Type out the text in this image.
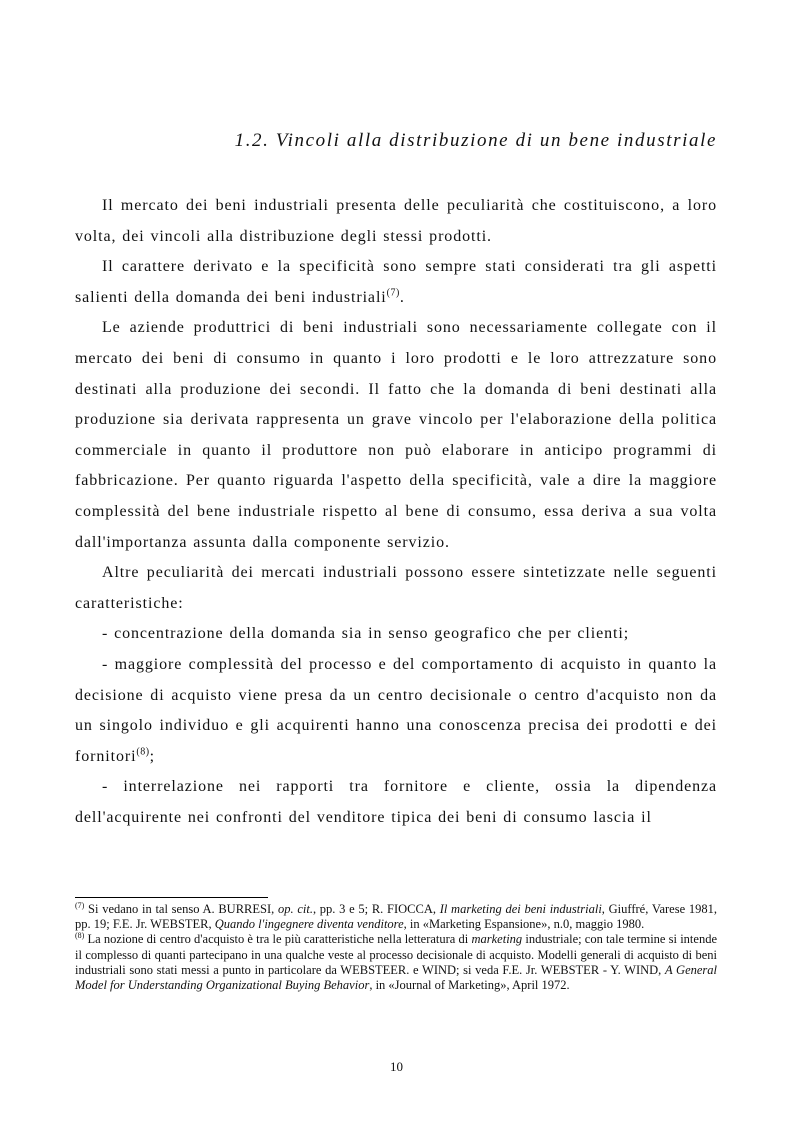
1.2. Vincoli alla distribuzione di un bene industriale

Il mercato dei beni industriali presenta delle peculiarità che costituiscono, a loro volta, dei vincoli alla distribuzione degli stessi prodotti.

Il carattere derivato e la specificità sono sempre stati considerati tra gli aspetti salienti della domanda dei beni industriali$^{(7)}$.

Le aziende produttrici di beni industriali sono necessariamente collegate con il mercato dei beni di consumo in quanto i loro prodotti e le loro attrezzature sono destinati alla produzione dei secondi. Il fatto che la domanda di beni destinati alla produzione sia derivata rappresenta un grave vincolo per l'elaborazione della politica commerciale in quanto il produttore non può elaborare in anticipo programmi di fabbricazione. Per quanto riguarda l'aspetto della specificità, vale a dire la maggiore complessità del bene industriale rispetto al bene di consumo, essa deriva a sua volta dall'importanza assunta dalla componente servizio.

Altre peculiarità dei mercati industriali possono essere sintetizzate nelle seguenti caratteristiche:

- concentrazione della domanda sia in senso geografico che per clienti;

- maggiore complessità del processo e del comportamento di acquisto in quanto la decisione di acquisto viene presa da un centro decisionale o centro d'acquisto non da un singolo individuo e gli acquirenti hanno una conoscenza precisa dei prodotti e dei fornitori$^{(8)}$;

- interrelazione nei rapporti tra fornitore e cliente, ossia la dipendenza dell'acquirente nei confronti del venditore tipica dei beni di consumo lascia il

$^{(7)}$ Si vedano in tal senso A. BURRESI, op. cit., pp. 3 e 5; R. FIOCCA, Il marketing dei beni industriali, Giuffré, Varese 1981, pp. 19; F.E. Jr. WEBSTER, Quando l'ingegnere diventa venditore, in «Marketing Espansione», n.0, maggio 1980.

$^{(8)}$ La nozione di centro d'acquisto è tra le più caratteristiche nella letteratura di marketing industriale; con tale termine si intende il complesso di quanti partecipano in una qualche veste al processo decisionale di acquisto. Modelli generali di acquisto di beni industriali sono stati messi a punto in particolare da WEBSTEER. e WIND; si veda F.E. Jr. WEBSTER - Y. WIND, A General Model for Understanding Organizational Buying Behavior, in «Journal of Marketing», April 1972.

10
